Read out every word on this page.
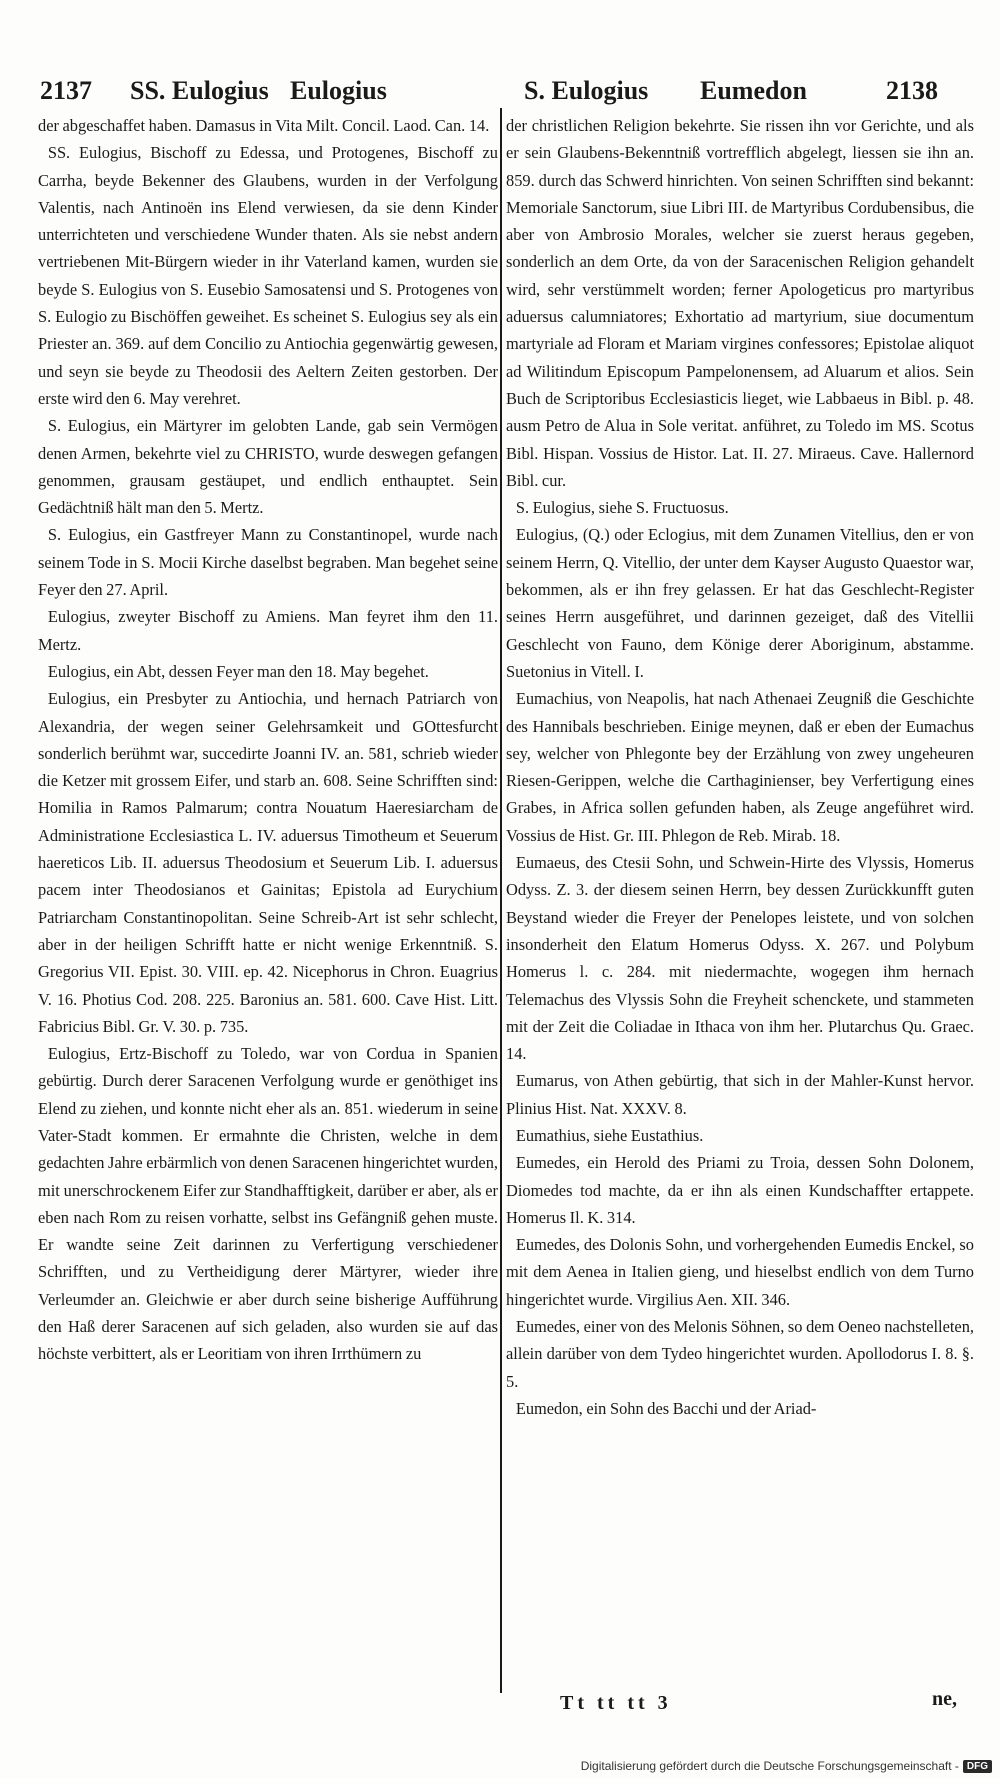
2137 SS. Eulogius Eulogius	S. Eulogius Eumedon	2138

der abgeschaffet haben. Damasus in Vita Milt. Concil. Laod. Can. 14.

SS. Eulogius, Bischoff zu Edessa, und Protogenes, Bischoff zu Carrha, beyde Bekenner des Glaubens, wurden in der Verfolgung Valentis, nach Antinoën ins Elend verwiesen, da sie denn Kinder unterrichteten und verschiedene Wunder thaten. Als sie nebst andern vertriebenen Mit-Bürgern wieder in ihr Vaterland kamen, wurden sie beyde S. Eulogius von S. Eusebio Samosatensi und S. Protogenes von S. Eulogio zu Bischöffen geweihet. Es scheinet S. Eulogius sey als ein Priester an. 369. auf dem Concilio zu Antiochia gegenwärtig gewesen, und seyn sie beyde zu Theodosii des Aeltern Zeiten gestorben. Der erste wird den 6. May verehret.

S. Eulogius, ein Märtyrer im gelobten Lande, gab sein Vermögen denen Armen, bekehrte viel zu CHRISTO, wurde deswegen gefangen genommen, grausam gestäupet, und endlich enthauptet. Sein Gedächtniß hält man den 5. Mertz.

S. Eulogius, ein Gastfreyer Mann zu Constantinopel, wurde nach seinem Tode in S. Mocii Kirche daselbst begraben. Man begehet seine Feyer den 27. April.

Eulogius, zweyter Bischoff zu Amiens. Man feyret ihm den 11. Mertz.

Eulogius, ein Abt, dessen Feyer man den 18. May begehet.

Eulogius, ein Presbyter zu Antiochia, und hernach Patriarch von Alexandria, der wegen seiner Gelehrsamkeit und GOttesfurcht sonderlich berühmt war, succedirte Joanni IV. an. 581, schrieb wieder die Ketzer mit grossem Eifer, und starb an. 608. Seine Schrifften sind: Homilia in Ramos Palmarum; contra Nouatum Haeresiarcham de Administratione Ecclesiastica L. IV. aduersus Timotheum et Seuerum haereticos Lib. II. aduersus Theodosium et Seuerum Lib. I. aduersus pacem inter Theodosianos et Gainitas; Epistola ad Eurychium Patriarcham Constantinopolitan. Seine Schreib-Art ist sehr schlecht, aber in der heiligen Schrifft hatte er nicht wenige Erkenntniß. S. Gregorius VII. Epist. 30. VIII. ep. 42. Nicephorus in Chron. Euagrius V. 16. Photius Cod. 208. 225. Baronius an. 581. 600. Cave Hist. Litt. Fabricius Bibl. Gr. V. 30. p. 735.

Eulogius, Ertz-Bischoff zu Toledo, war von Cordua in Spanien gebürtig. Durch derer Saracenen Verfolgung wurde er genöthiget ins Elend zu ziehen, und konnte nicht eher als an. 851. wiederum in seine Vater-Stadt kommen. Er ermahnte die Christen, welche in dem gedachten Jahre erbärmlich von denen Saracenen hingerichtet wurden, mit unerschrockenem Eifer zur Standhafftigkeit, darüber er aber, als er eben nach Rom zu reisen vorhatte, selbst ins Gefängniß gehen muste. Er wandte seine Zeit darinnen zu Verfertigung verschiedener Schrifften, und zu Vertheidigung derer Märtyrer, wieder ihre Verleumder an. Gleichwie er aber durch seine bisherige Aufführung den Haß derer Saracenen auf sich geladen, also wurden sie auf das höchste verbittert, als er Leoritiam von ihren Irrthümern zu

der christlichen Religion bekehrte. Sie rissen ihn vor Gerichte, und als er sein Glaubens-Bekenntniß vortrefflich abgelegt, liessen sie ihn an. 859. durch das Schwerd hinrichten. Von seinen Schrifften sind bekannt: Memoriale Sanctorum, siue Libri III. de Martyribus Cordubensibus, die aber von Ambrosio Morales, welcher sie zuerst heraus gegeben, sonderlich an dem Orte, da von der Saracenischen Religion gehandelt wird, sehr verstümmelt worden; ferner Apologeticus pro martyribus aduersus calumniatores; Exhortatio ad martyrium, siue documentum martyriale ad Floram et Mariam virgines confessores; Epistolae aliquot ad Wilitindum Episcopum Pampelonensem, ad Aluarum et alios. Sein Buch de Scriptoribus Ecclesiasticis lieget, wie Labbaeus in Bibl. p. 48. ausm Petro de Alua in Sole veritat. anführet, zu Toledo im MS. Scotus Bibl. Hispan. Vossius de Histor. Lat. II. 27. Miraeus. Cave. Hallernord Bibl. cur.

S. Eulogius, siehe S. Fructuosus.

Eulogius, (Q.) oder Eclogius, mit dem Zunamen Vitellius, den er von seinem Herrn, Q. Vitellio, der unter dem Kayser Augusto Quaestor war, bekommen, als er ihn frey gelassen. Er hat das Geschlecht-Register seines Herrn ausgeführet, und darinnen gezeiget, daß des Vitellii Geschlecht von Fauno, dem Könige derer Aboriginum, abstamme. Suetonius in Vitell. I.

Eumachius, von Neapolis, hat nach Athenaei Zeugniß die Geschichte des Hannibals beschrieben. Einige meynen, daß er eben der Eumachus sey, welcher von Phlegonte bey der Erzählung von zwey ungeheuren Riesen-Gerippen, welche die Carthaginienser, bey Verfertigung eines Grabes, in Africa sollen gefunden haben, als Zeuge angeführet wird. Vossius de Hist. Gr. III. Phlegon de Reb. Mirab. 18.

Eumaeus, des Ctesii Sohn, und Schwein-Hirte des Vlyssis, Homerus Odyss. Z. 3. der diesem seinen Herrn, bey dessen Zurückkunfft guten Beystand wieder die Freyer der Penelopes leistete, und von solchen insonderheit den Elatum Homerus Odyss. X. 267. und Polybum Homerus l. c. 284. mit niedermachte, wogegen ihm hernach Telemachus des Vlyssis Sohn die Freyheit schenckete, und stammeten mit der Zeit die Coliadae in Ithaca von ihm her. Plutarchus Qu. Graec. 14.

Eumarus, von Athen gebürtig, that sich in der Mahler-Kunst hervor. Plinius Hist. Nat. XXXV. 8.

Eumathius, siehe Eustathius.

Eumedes, ein Herold des Priami zu Troia, dessen Sohn Dolonem, Diomedes tod machte, da er ihn als einen Kundschaffter ertappete. Homerus Il. K. 314.

Eumedes, des Dolonis Sohn, und vorhergehenden Eumedis Enckel, so mit dem Aenea in Italien gieng, und hieselbst endlich von dem Turno hingerichtet wurde. Virgilius Aen. XII. 346.

Eumedes, einer von des Melonis Söhnen, so dem Oeneo nachstelleten, allein darüber von dem Tydeo hingerichtet wurden. Apollodorus I. 8. §. 5.

Eumedon, ein Sohn des Bacchi und der Ariad-

Tt tt tt 3	ne,
Digitalisierung gefördert durch die Deutsche Forschungsgemeinschaft - DFG
